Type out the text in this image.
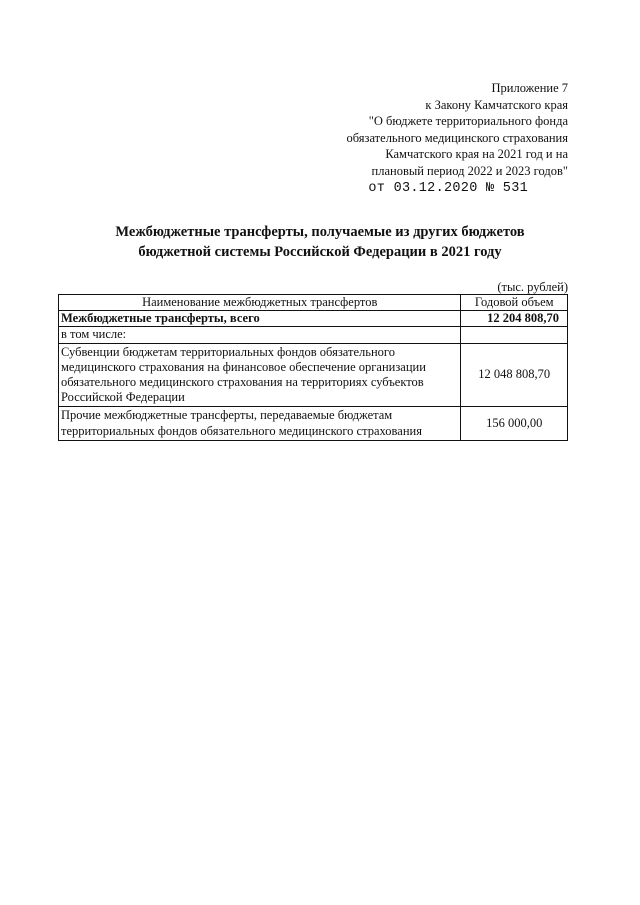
Приложение 7
к Закону Камчатского края
"О бюджете территориального фонда
обязательного медицинского страхования
Камчатского края на 2021 год и на
плановый период 2022 и 2023 годов"
от 03.12.2020 № 531
Межбюджетные трансферты, получаемые из других бюджетов
бюджетной системы Российской Федерации в 2021 году
(тыс. рублей)
Наименование межбюджетных трансфертов	Годовой объем
Межбюджетные трансферты, всего	12 204 808,70
в том числе:	

Субвенции бюджетам территориальных фондов обязательного
медицинского страхования на финансовое обеспечение организации
обязательного медицинского страхования на территориях субъектов
Российской Федерации	12 048 808,70

Прочие межбюджетные трансферты, передаваемые бюджетам
территориальных фондов обязательного медицинского страхования	156 000,00
